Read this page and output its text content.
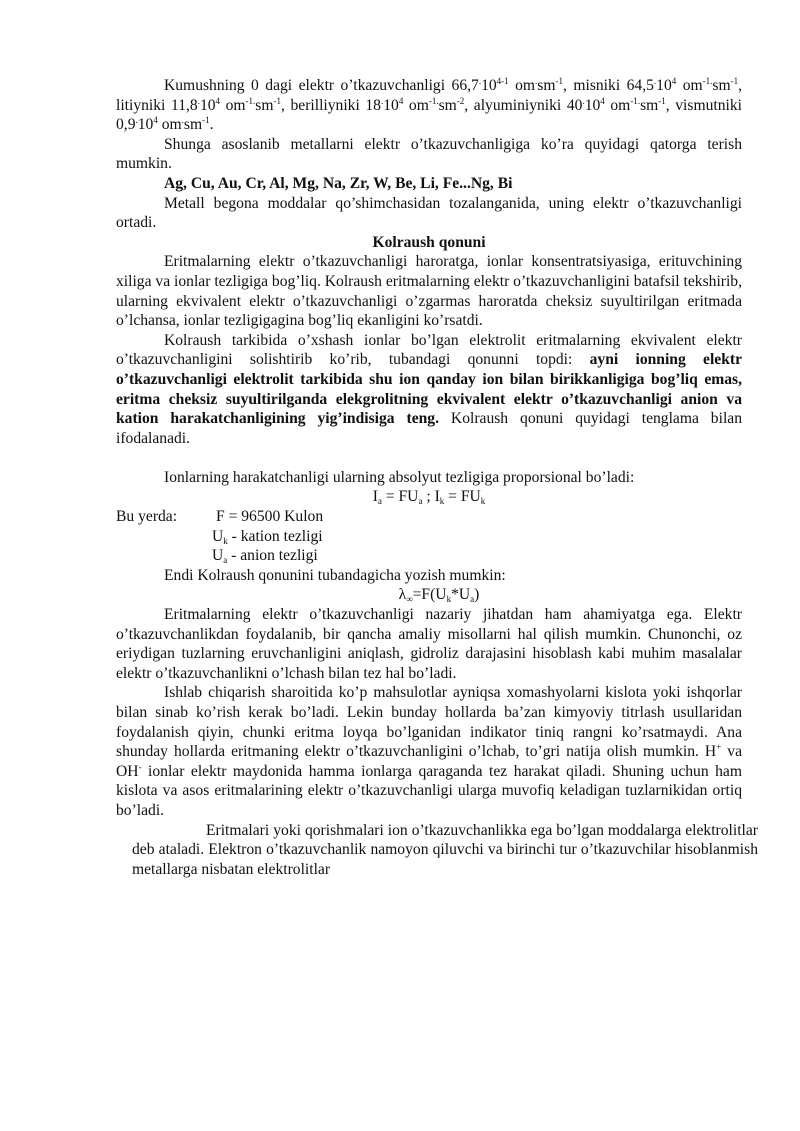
Kumushning 0 dagi elektr o’tkazuvchanligi 66,7.10$^{4-1}$ $om^.sm^{-1}$, misniki $64,5^.10^4$ $om^{-1.}sm^{-1}$, litiyniki $11,8^.10^4$ $om^{-1.}sm^{-1}$, berilliyniki $18^.10^4$ $om^{-1.}sm^{-2}$, alyuminiyniki $40^.10^4$ $om^{-1.}sm^{-1}$, vismutniki $0,9^.10^4$ $om^.sm^{-1}$.

Shunga asoslanib metallarni elektr o’tkazuvchanligiga ko’ra quyidagi qatorga terish mumkin.

Ag, Cu, Au, Cr, Al, Mg, Na, Zr, W, Be, Li, Fe...Ng, Bi

Metall begona moddalar qo’shimchasidan tozalanganida, uning elektr o’tkazuvchanligi ortadi.

Kolraush qonuni

Eritmalarning elektr o’tkazuvchanligi haroratga, ionlar konsentratsiyasiga, erituvchining xiliga va ionlar tezligiga bog’liq. Kolraush eritmalarning elektr o’tkazuvchanligini batafsil tekshirib, ularning ekvivalent elektr o’tkazuvchanligi o’zgarmas haroratda cheksiz suyultirilgan eritmada o’lchansa, ionlar tezligigagina bog’liq ekanligini ko’rsatdi.

Kolraush tarkibida o’xshash ionlar bo’lgan elektrolit eritmalarning ekvivalent elektr o’tkazuvchanligini solishtirib ko’rib, tubandagi qonunni topdi: ayni ionning elektr o’tkazuvchanligi elektrolit tarkibida shu ion qanday ion bilan birikkanligiga bog’liq emas, eritma cheksiz suyultirilganda elekgrolitning ekvivalent elektr o’tkazuvchanligi anion va kation harakatchanligining yig’indisiga teng. Kolraush qonuni quyidagi tenglama bilan ifodalanadi.

Ionlarning harakatchanligi ularning absolyut tezligiga proporsional bo’ladi:

$I_a = FU_a$ ; $I_k = FU_k$

Bu yerda:	F = 96500 Kulon
$U_k$ - kation tezligi
$U_a$ - anion tezligi

Endi Kolraush qonunini tubandagicha yozish mumkin:

$\lambda_\infty=F(U_k*U_a)$

Eritmalarning elektr o’tkazuvchanligi nazariy jihatdan ham ahamiyatga ega. Elektr o’tkazuvchanlikdan foydalanib, bir qancha amaliy misollarni hal qilish mumkin. Chunonchi, oz eriydigan tuzlarning eruvchanligini aniqlash, gidroliz darajasini hisoblash kabi muhim masalalar elektr o’tkazuvchanlikni o’lchash bilan tez hal bo’ladi.

Ishlab chiqarish sharoitida ko’p mahsulotlar ayniqsa xomashyolarni kislota yoki ishqorlar bilan sinab ko’rish kerak bo’ladi. Lekin bunday hollarda ba’zan kimyoviy titrlash usullaridan foydalanish qiyin, chunki eritma loyqa bo’lganidan indikator tiniq rangni ko’rsatmaydi. Ana shunday hollarda eritmaning elektr o’tkazuvchanligini o’lchab, to’gri natija olish mumkin. H+ va OH- ionlar elektr maydonida hamma ionlarga qaraganda tez harakat qiladi. Shuning uchun ham kislota va asos eritmalarining elektr o’tkazuvchanligi ularga muvofiq keladigan tuzlarnikidan ortiq bo’ladi.

Eritmalari yoki qorishmalari ion o’tkazuvchanlikka ega bo’lgan moddalarga elektrolitlar deb ataladi. Elektron o’tkazuvchanlik namoyon qiluvchi va birinchi tur o’tkazuvchilar hisoblanmish metallarga nisbatan elektrolitlar
